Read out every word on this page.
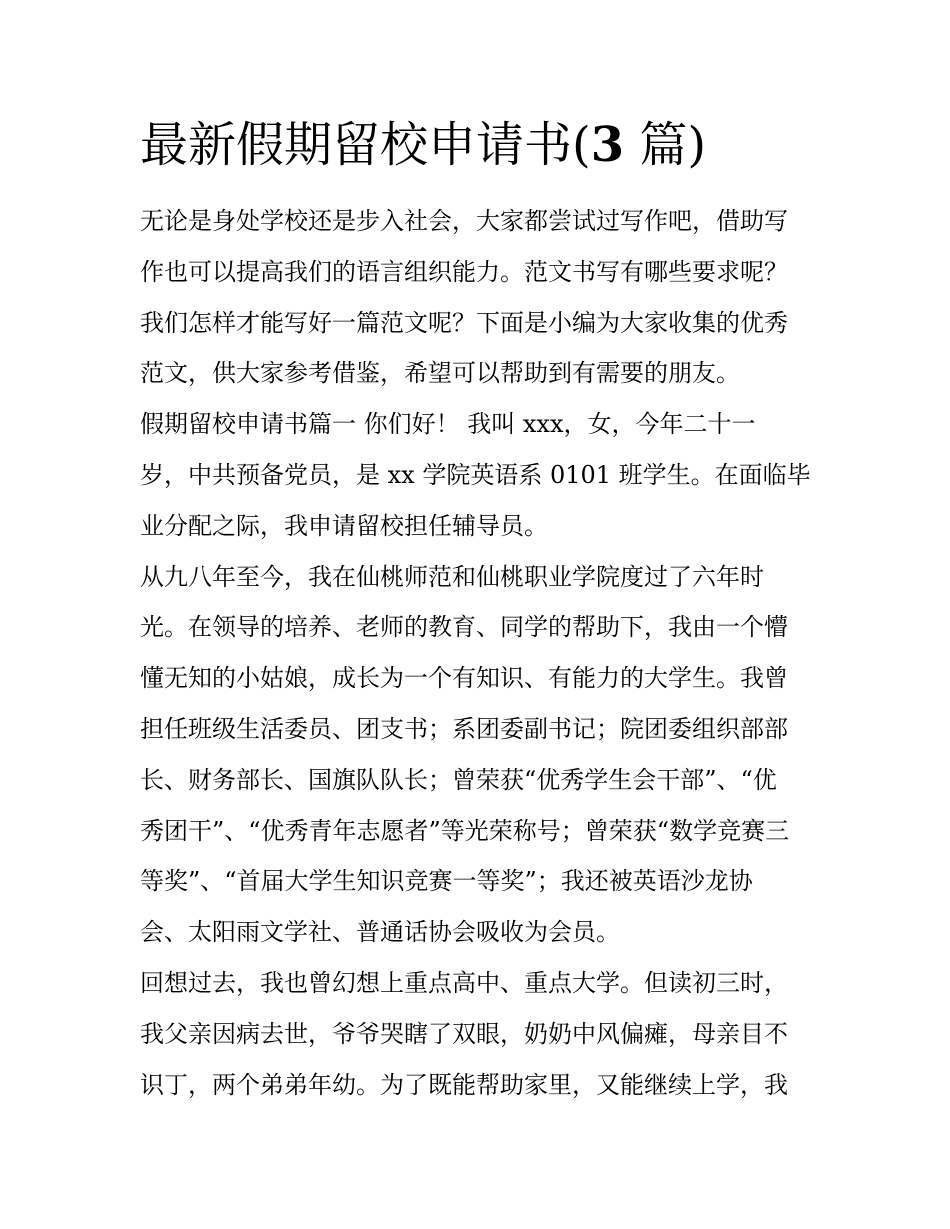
最新假期留校申请书(3 篇)

无论是身处学校还是步入社会，大家都尝试过写作吧，借助写
作也可以提高我们的语言组织能力。范文书写有哪些要求呢？
我们怎样才能写好一篇范文呢？下面是小编为大家收集的优秀
范文，供大家参考借鉴，希望可以帮助到有需要的朋友。

假期留校申请书篇一 你们好！ 我叫 xxx，女，今年二十一
岁，中共预备党员，是 xx 学院英语系 0101 班学生。在面临毕
业分配之际，我申请留校担任辅导员。

从九八年至今，我在仙桃师范和仙桃职业学院度过了六年时
光。在领导的培养、老师的教育、同学的帮助下，我由一个懵
懂无知的小姑娘，成长为一个有知识、有能力的大学生。我曾
担任班级生活委员、团支书；系团委副书记；院团委组织部部
长、财务部长、国旗队队长；曾荣获“优秀学生会干部”、“优
秀团干”、“优秀青年志愿者”等光荣称号；曾荣获“数学竞赛三
等奖”、“首届大学生知识竞赛一等奖”；我还被英语沙龙协
会、太阳雨文学社、普通话协会吸收为会员。

回想过去，我也曾幻想上重点高中、重点大学。但读初三时，
我父亲因病去世，爷爷哭瞎了双眼，奶奶中风偏瘫，母亲目不
识丁，两个弟弟年幼。为了既能帮助家里，又能继续上学，我
